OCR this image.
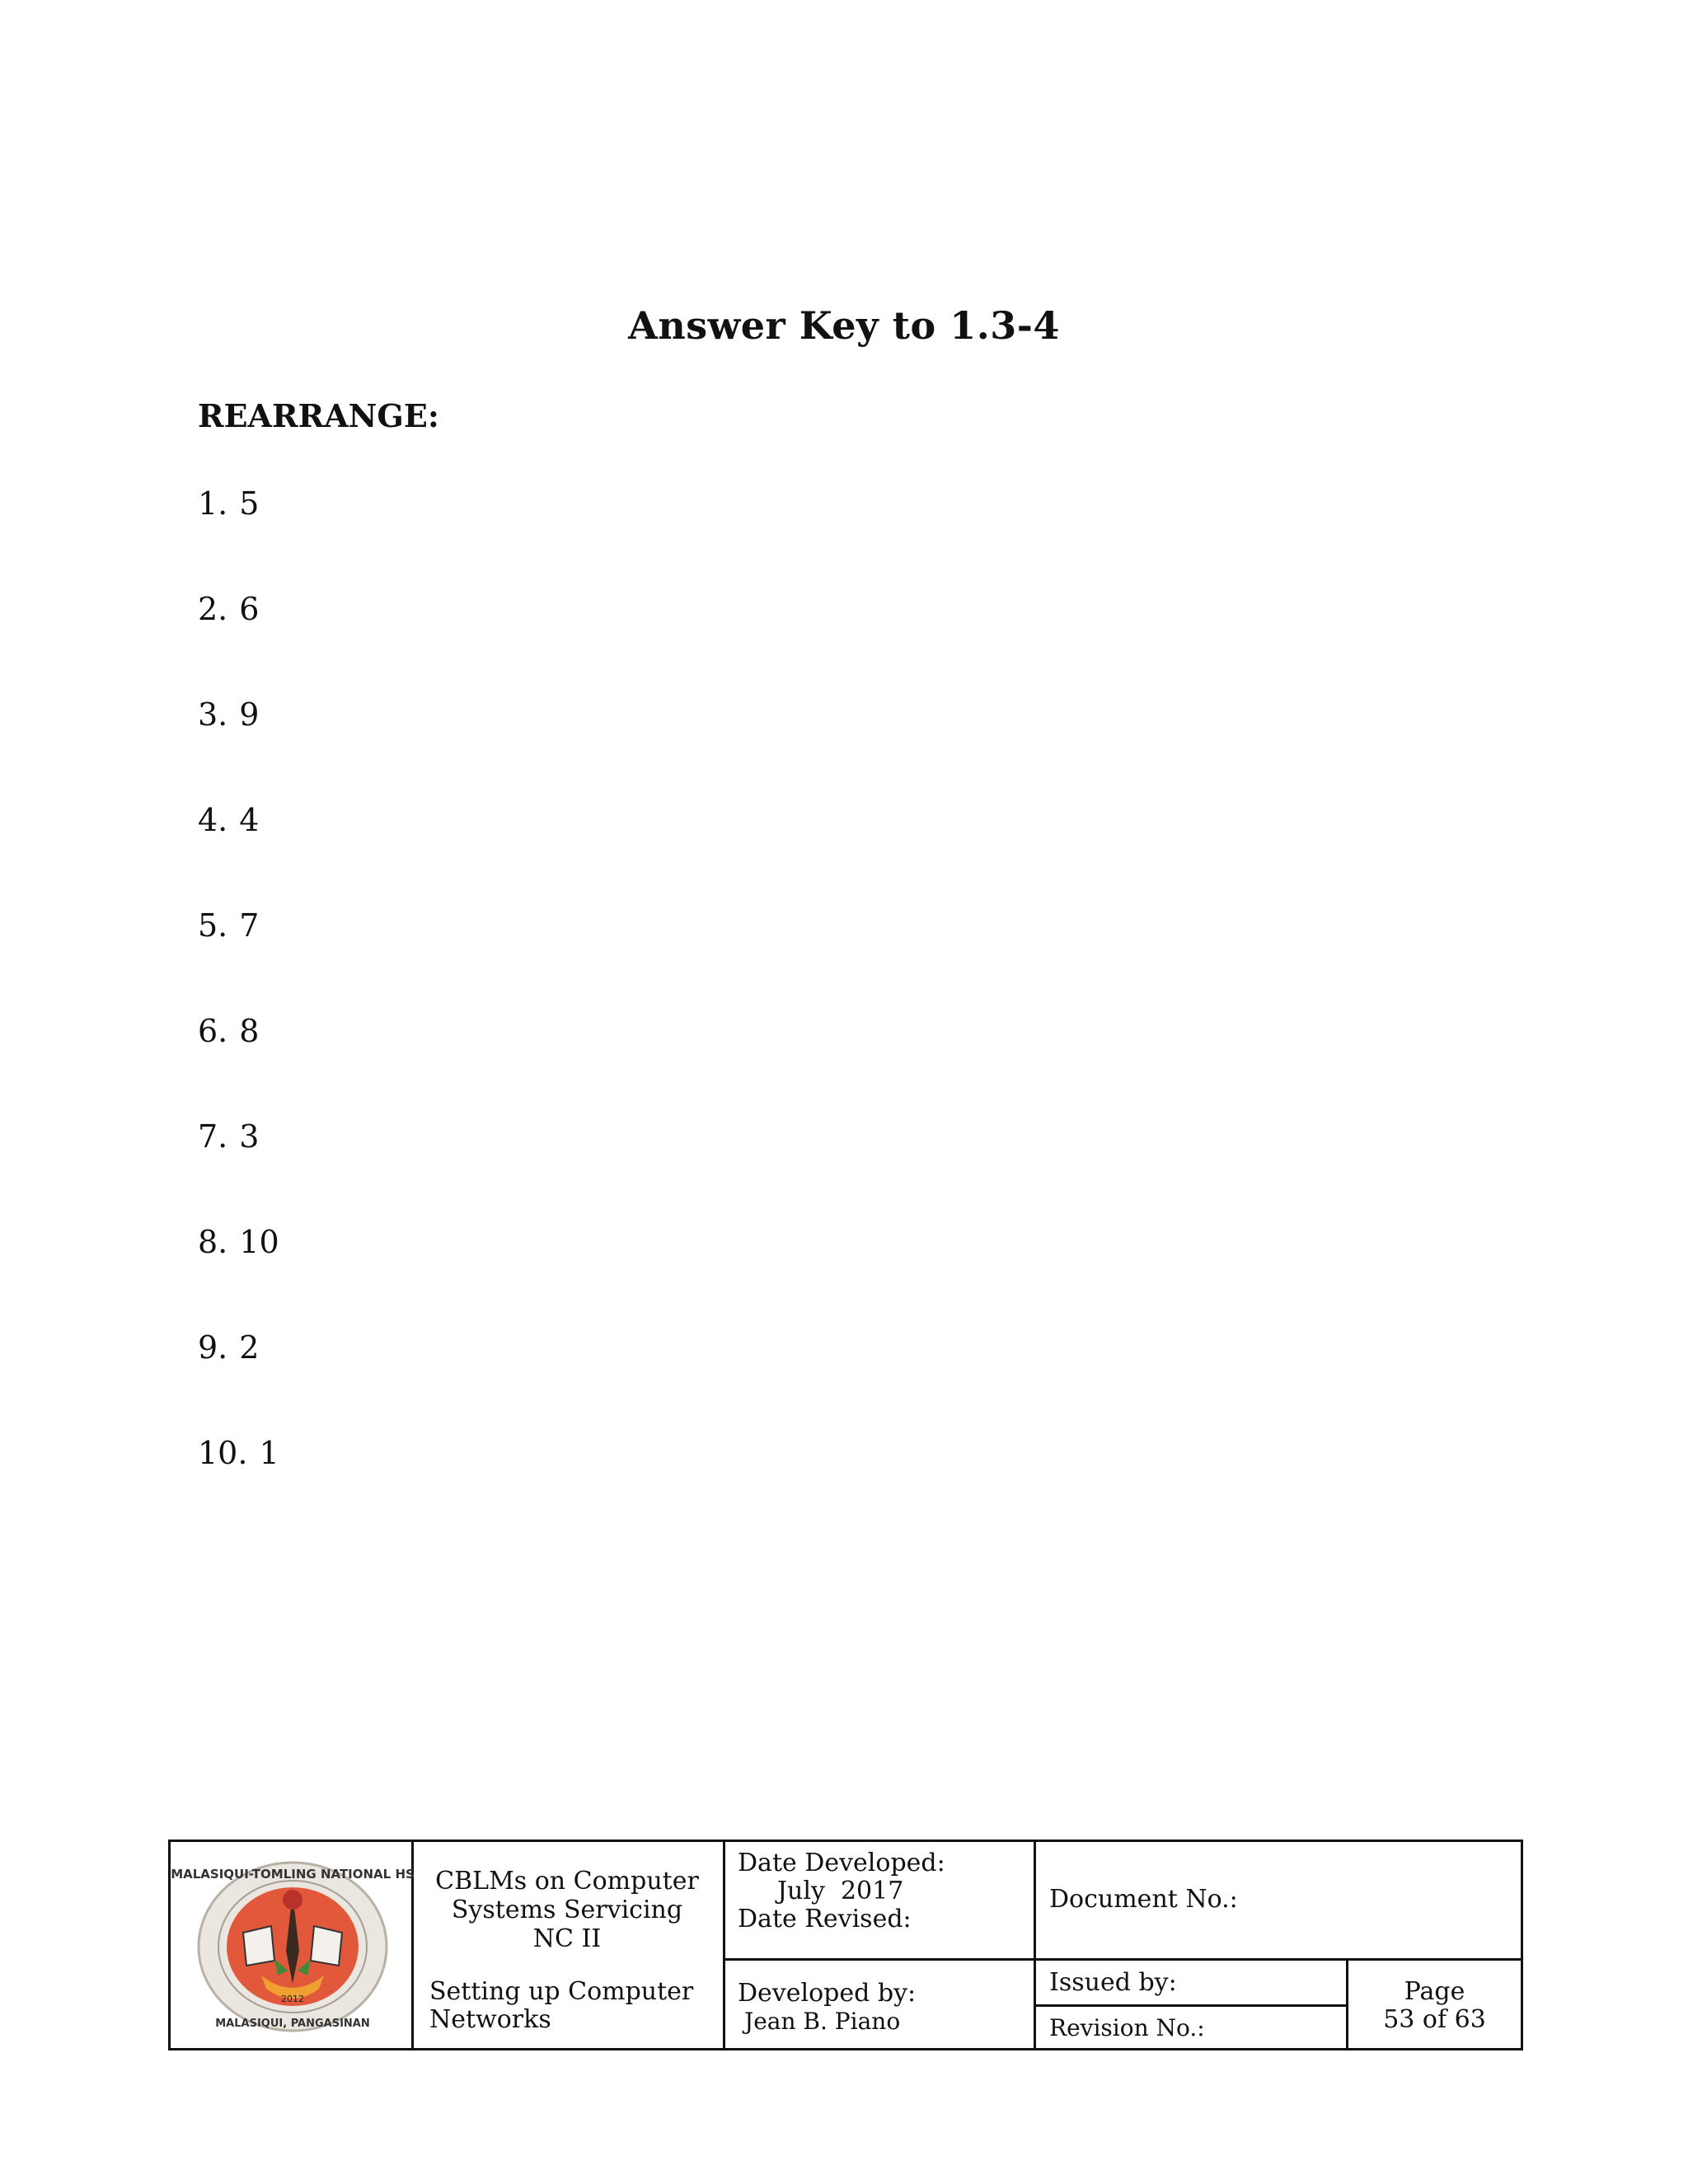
Answer Key to 1.3-4
REARRANGE:
1. 5
2. 6
3. 9
4. 4
5. 7
6. 8
7. 3
8. 10
9. 2
10. 1
MALASIQUI-TOMLING NATIONAL HS
MALASIQUI, PANGASINAN
2012
CBLMs on Computer
Systems Servicing
NC II
Setting up Computer
Networks
Date Developed:
July  2017
Date Revised:
Developed by:
Jean B. Piano
Document No.:
Issued by:
Revision No.:
Page
53 of 63
